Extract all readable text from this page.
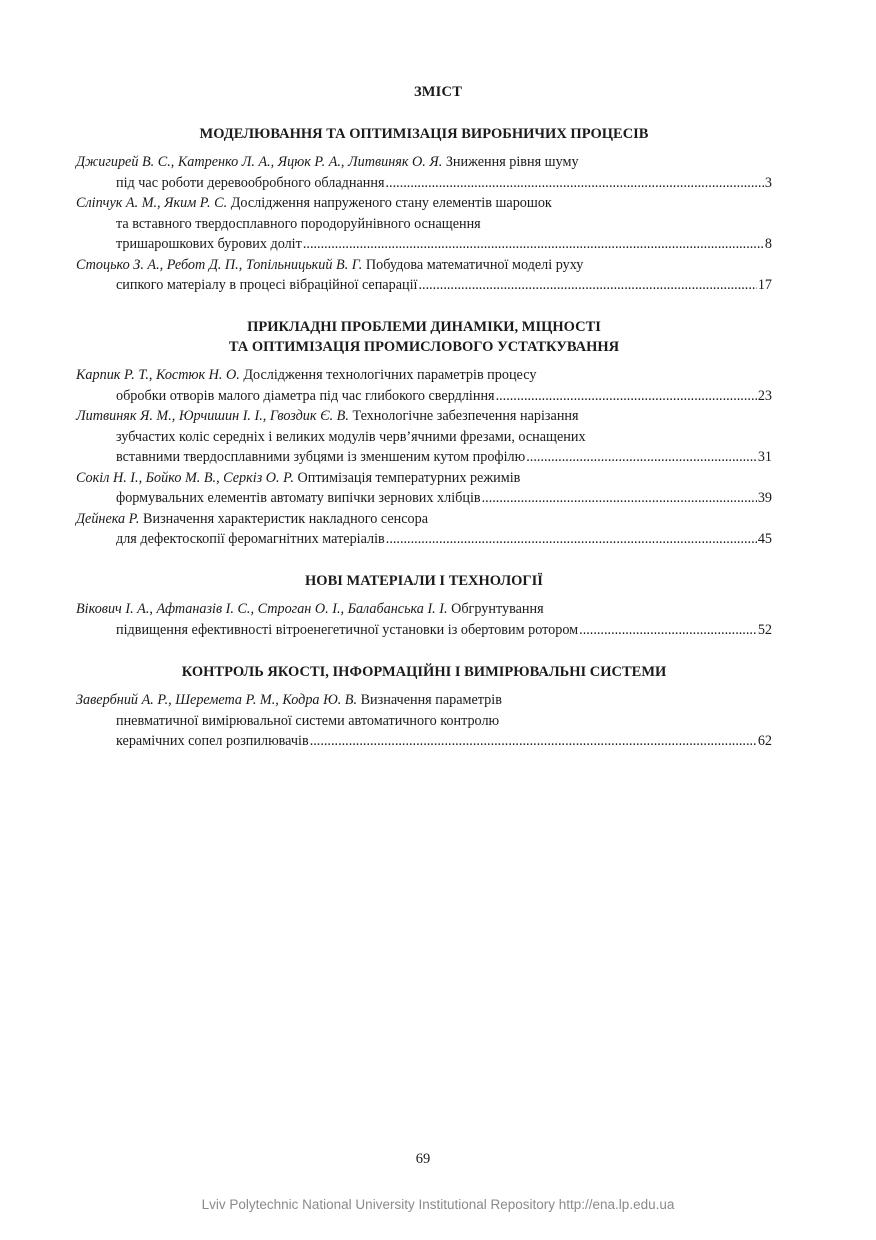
ЗМІСТ
МОДЕЛЮВАННЯ ТА ОПТИМІЗАЦІЯ ВИРОБНИЧИХ ПРОЦЕСІВ
Джигирей В. С., Катренко Л. А., Яцюк Р. А., Литвиняк О. Я.
Зниження рівня шуму
під час роботи деревообробного обладнання .....	3
Сліпчук А. М., Яким Р. С.
Дослідження напруженого стану елементів шарошок
та вставного твердосплавного породоруйнівного оснащення
тришарошкових бурових доліт .....	8
Стоцько З. А., Ребот Д. П., Топільницький В. Г.
Побудова математичної моделі руху
сипкого матеріалу в процесі вібраційної сепарації .....	17
ПРИКЛАДНІ ПРОБЛЕМИ ДИНАМІКИ, МІЦНОСТІ
ТА ОПТИМІЗАЦІЯ ПРОМИСЛОВОГО УСТАТКУВАННЯ
Карпик Р. Т., Костюк Н. О.
Дослідження технологічних параметрів процесу
обробки отворів малого діаметра під час глибокого свердління .....	23
Литвиняк Я. М., Юрчишин І. І., Гвоздик Є. В.
Технологічне забезпечення нарізання
зубчастих коліс середніх і великих модулів черв’ячними фрезами, оснащених
вставними твердосплавними зубцями із зменшеним кутом профілю .....	31
Сокіл Н. І., Бойко М. В., Серкіз О. Р.
Оптимізація температурних режимів
формувальних елементів автомату випічки зернових хлібців .....	39
Дейнека Р.
Визначення характеристик накладного сенсора
для дефектоскопії феромагнітних матеріалів .....	45
НОВІ МАТЕРІАЛИ І ТЕХНОЛОГІЇ
Вікович І. А., Афтаназів І. С., Строган О. І., Балабанська І. І.
Обгрунтування
підвищення ефективності вітроенегетичної установки із обертовим ротором .....	52
КОНТРОЛЬ ЯКОСТІ, ІНФОРМАЦІЙНІ І ВИМІРЮВАЛЬНІ СИСТЕМИ
Завербний А. Р., Шеремета Р. М., Кодра Ю. В.
Визначення параметрів
пневматичної вимірювальної системи автоматичного контролю
керамічних сопел розпилювачів .....	62
69
Lviv Polytechnic National University Institutional Repository http://ena.lp.edu.ua
